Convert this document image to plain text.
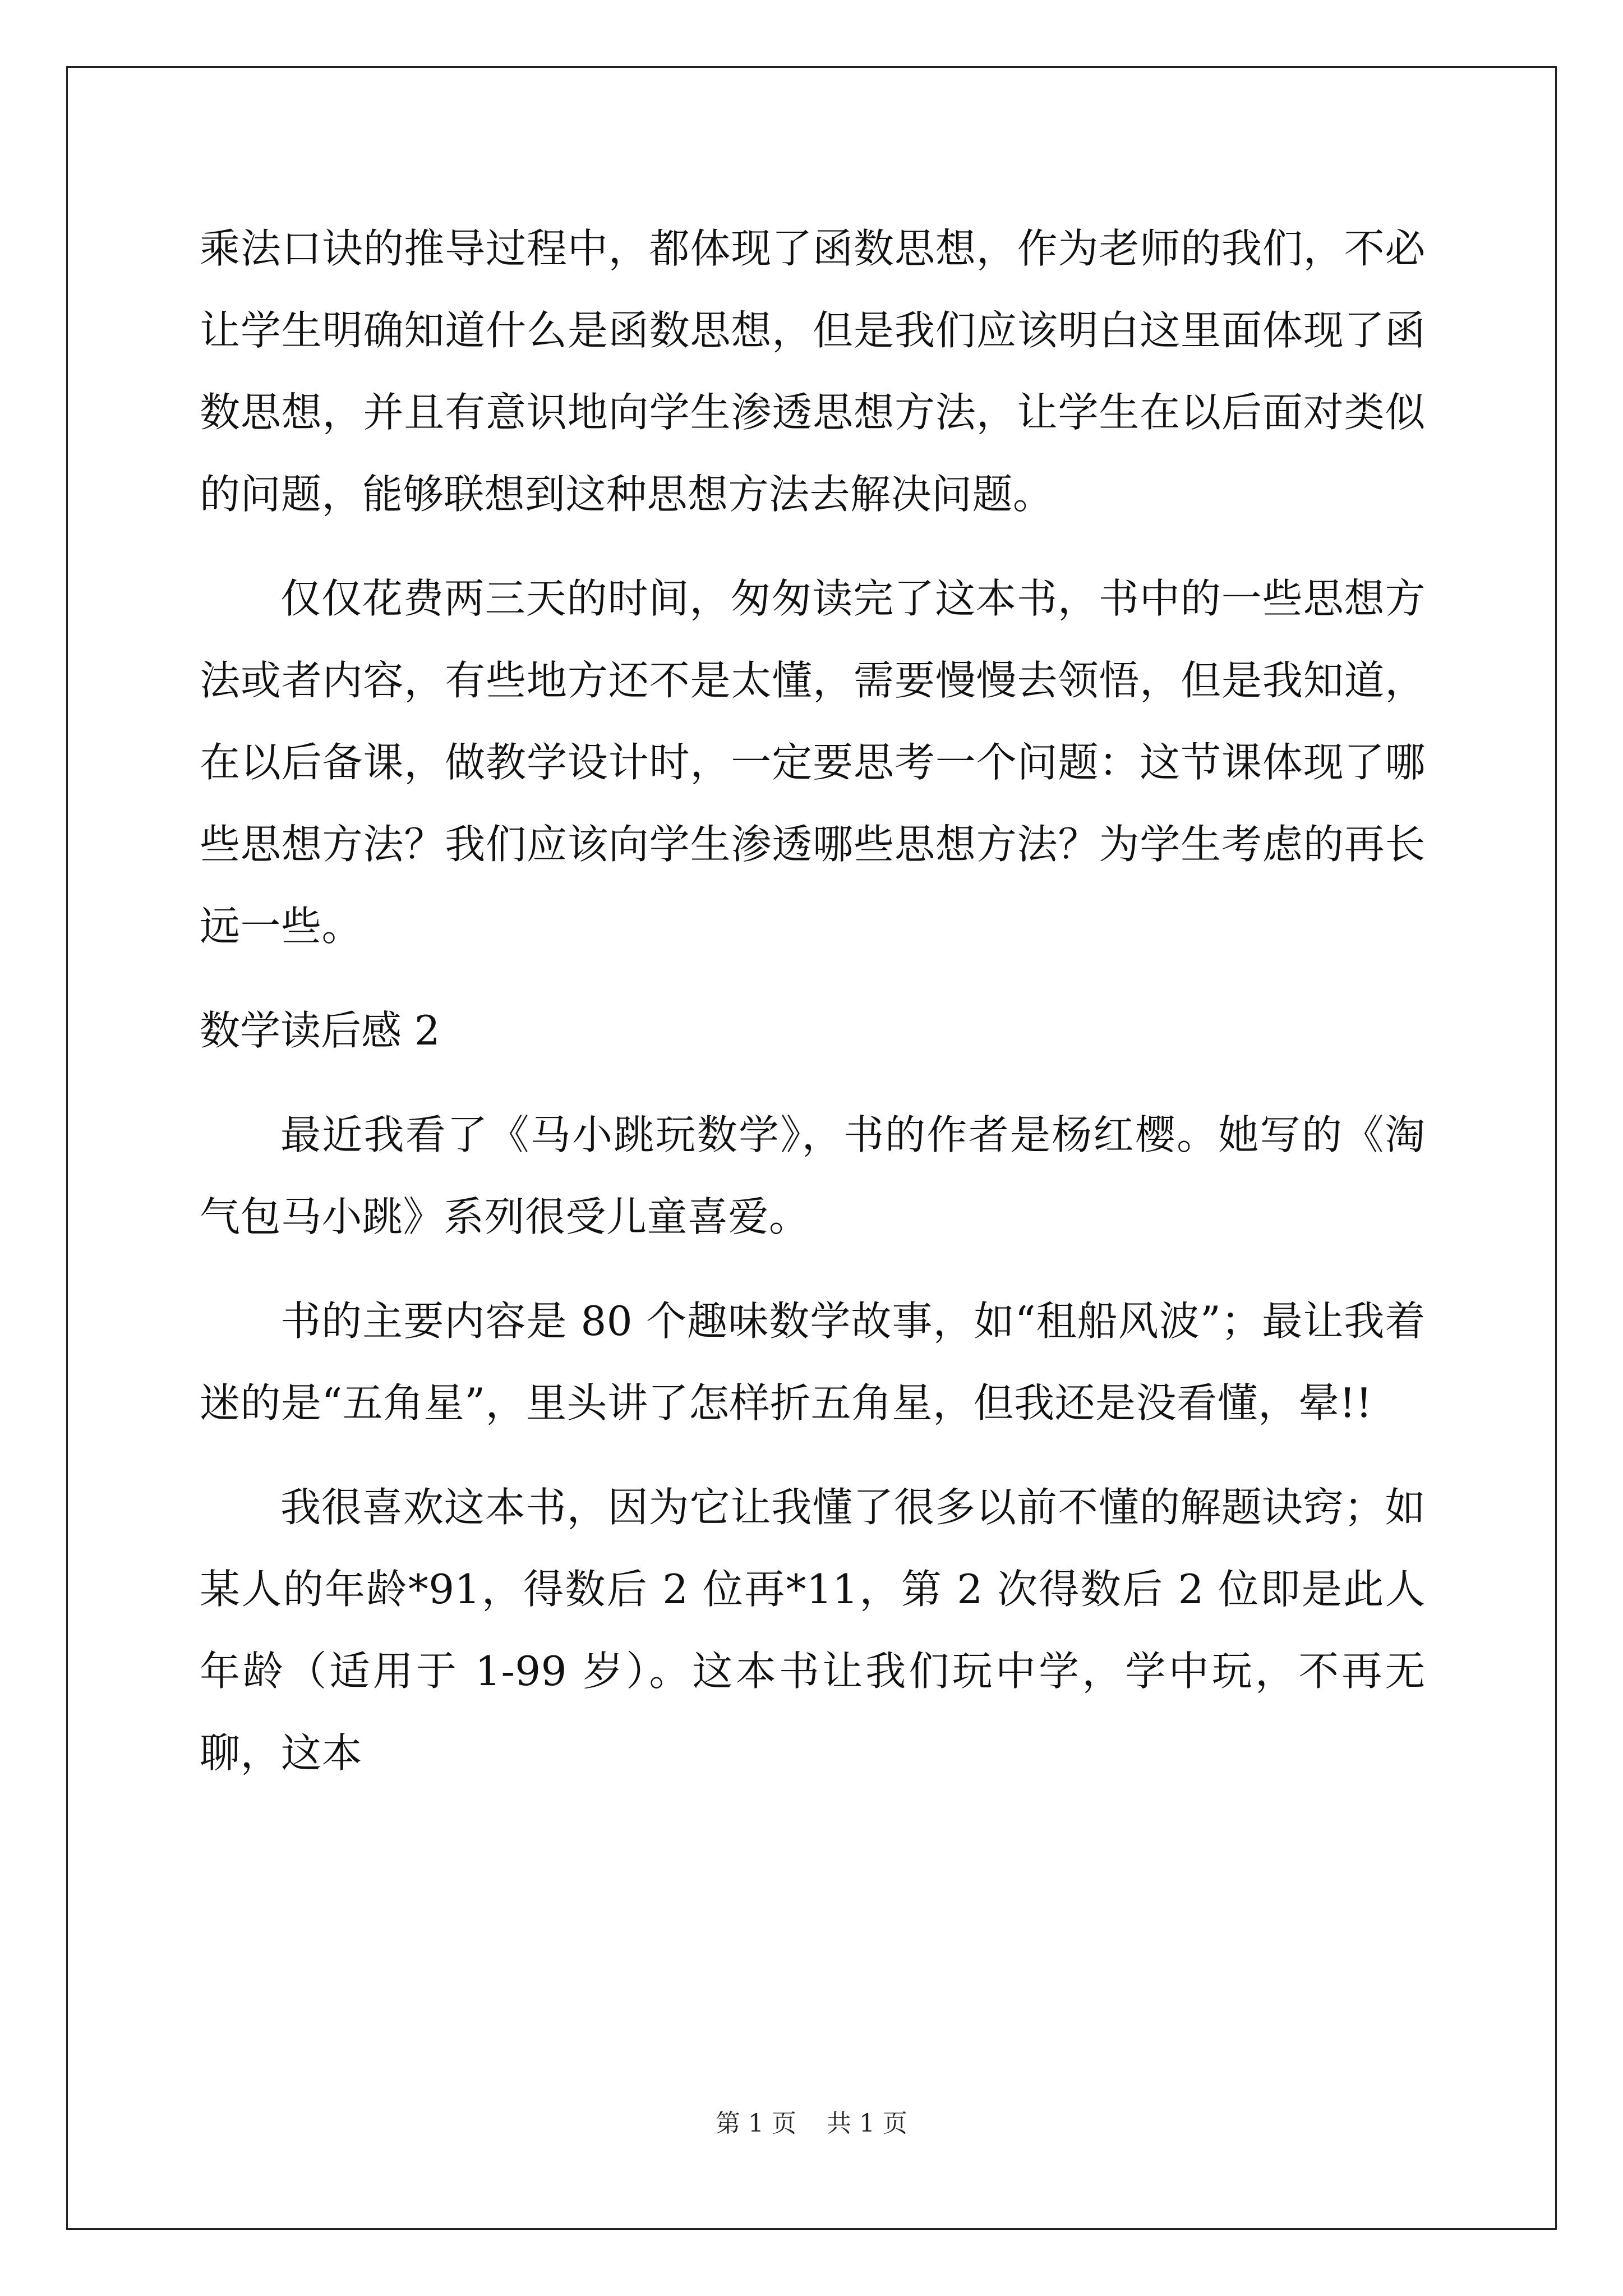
乘法口诀的推导过程中，都体现了函数思想，作为老师的我们，不必让学生明确知道什么是函数思想，但是我们应该明白这里面体现了函数思想，并且有意识地向学生渗透思想方法，让学生在以后面对类似的问题，能够联想到这种思想方法去解决问题。

仅仅花费两三天的时间，匆匆读完了这本书，书中的一些思想方法或者内容，有些地方还不是太懂，需要慢慢去领悟，但是我知道，在以后备课，做教学设计时，一定要思考一个问题：这节课体现了哪些思想方法？我们应该向学生渗透哪些思想方法？为学生考虑的再长远一些。

数学读后感 2

最近我看了《马小跳玩数学》，书的作者是杨红樱。她写的《淘气包马小跳》系列很受儿童喜爱。

书的主要内容是 80 个趣味数学故事，如“租船风波”；最让我着迷的是“五角星”，里头讲了怎样折五角星，但我还是没看懂，晕!!

我很喜欢这本书，因为它让我懂了很多以前不懂的解题诀窍；如某人的年龄*91，得数后 2 位再*11，第 2 次得数后 2 位即是此人年龄（适用于 1-99 岁）。这本书让我们玩中学，学中玩，不再无聊，这本

第 1 页 共 1 页
